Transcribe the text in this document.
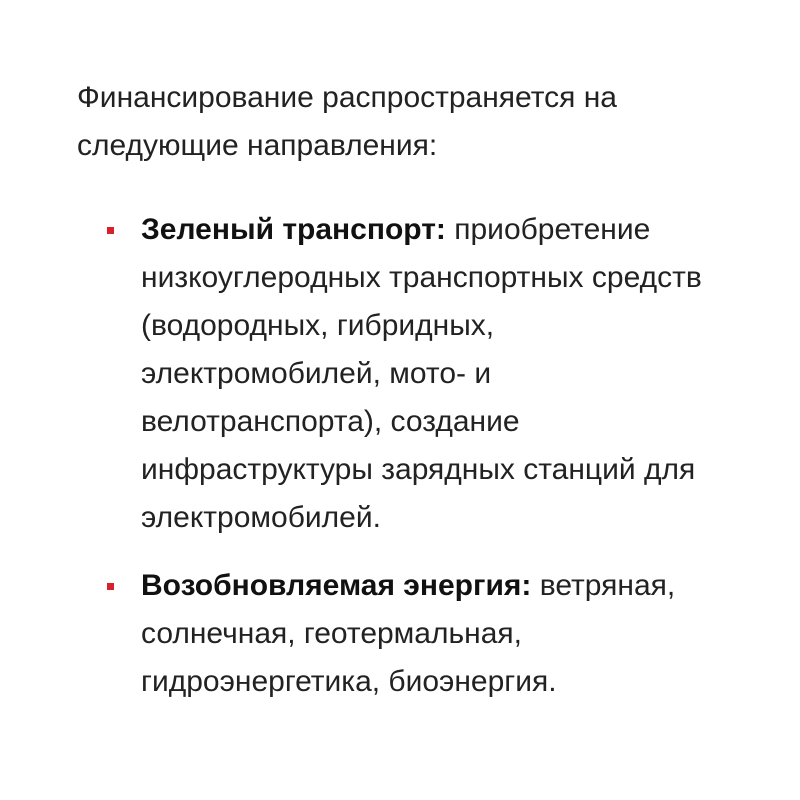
Финансирование распространяется на следующие направления:

Зеленый транспорт: приобретение низкоуглеродных транспортных средств (водородных, гибридных, электромобилей, мото- и велотранспорта), создание инфраструктуры зарядных станций для электромобилей.
Возобновляемая энергия: ветряная, солнечная, геотермальная, гидроэнергетика, биоэнергия.
